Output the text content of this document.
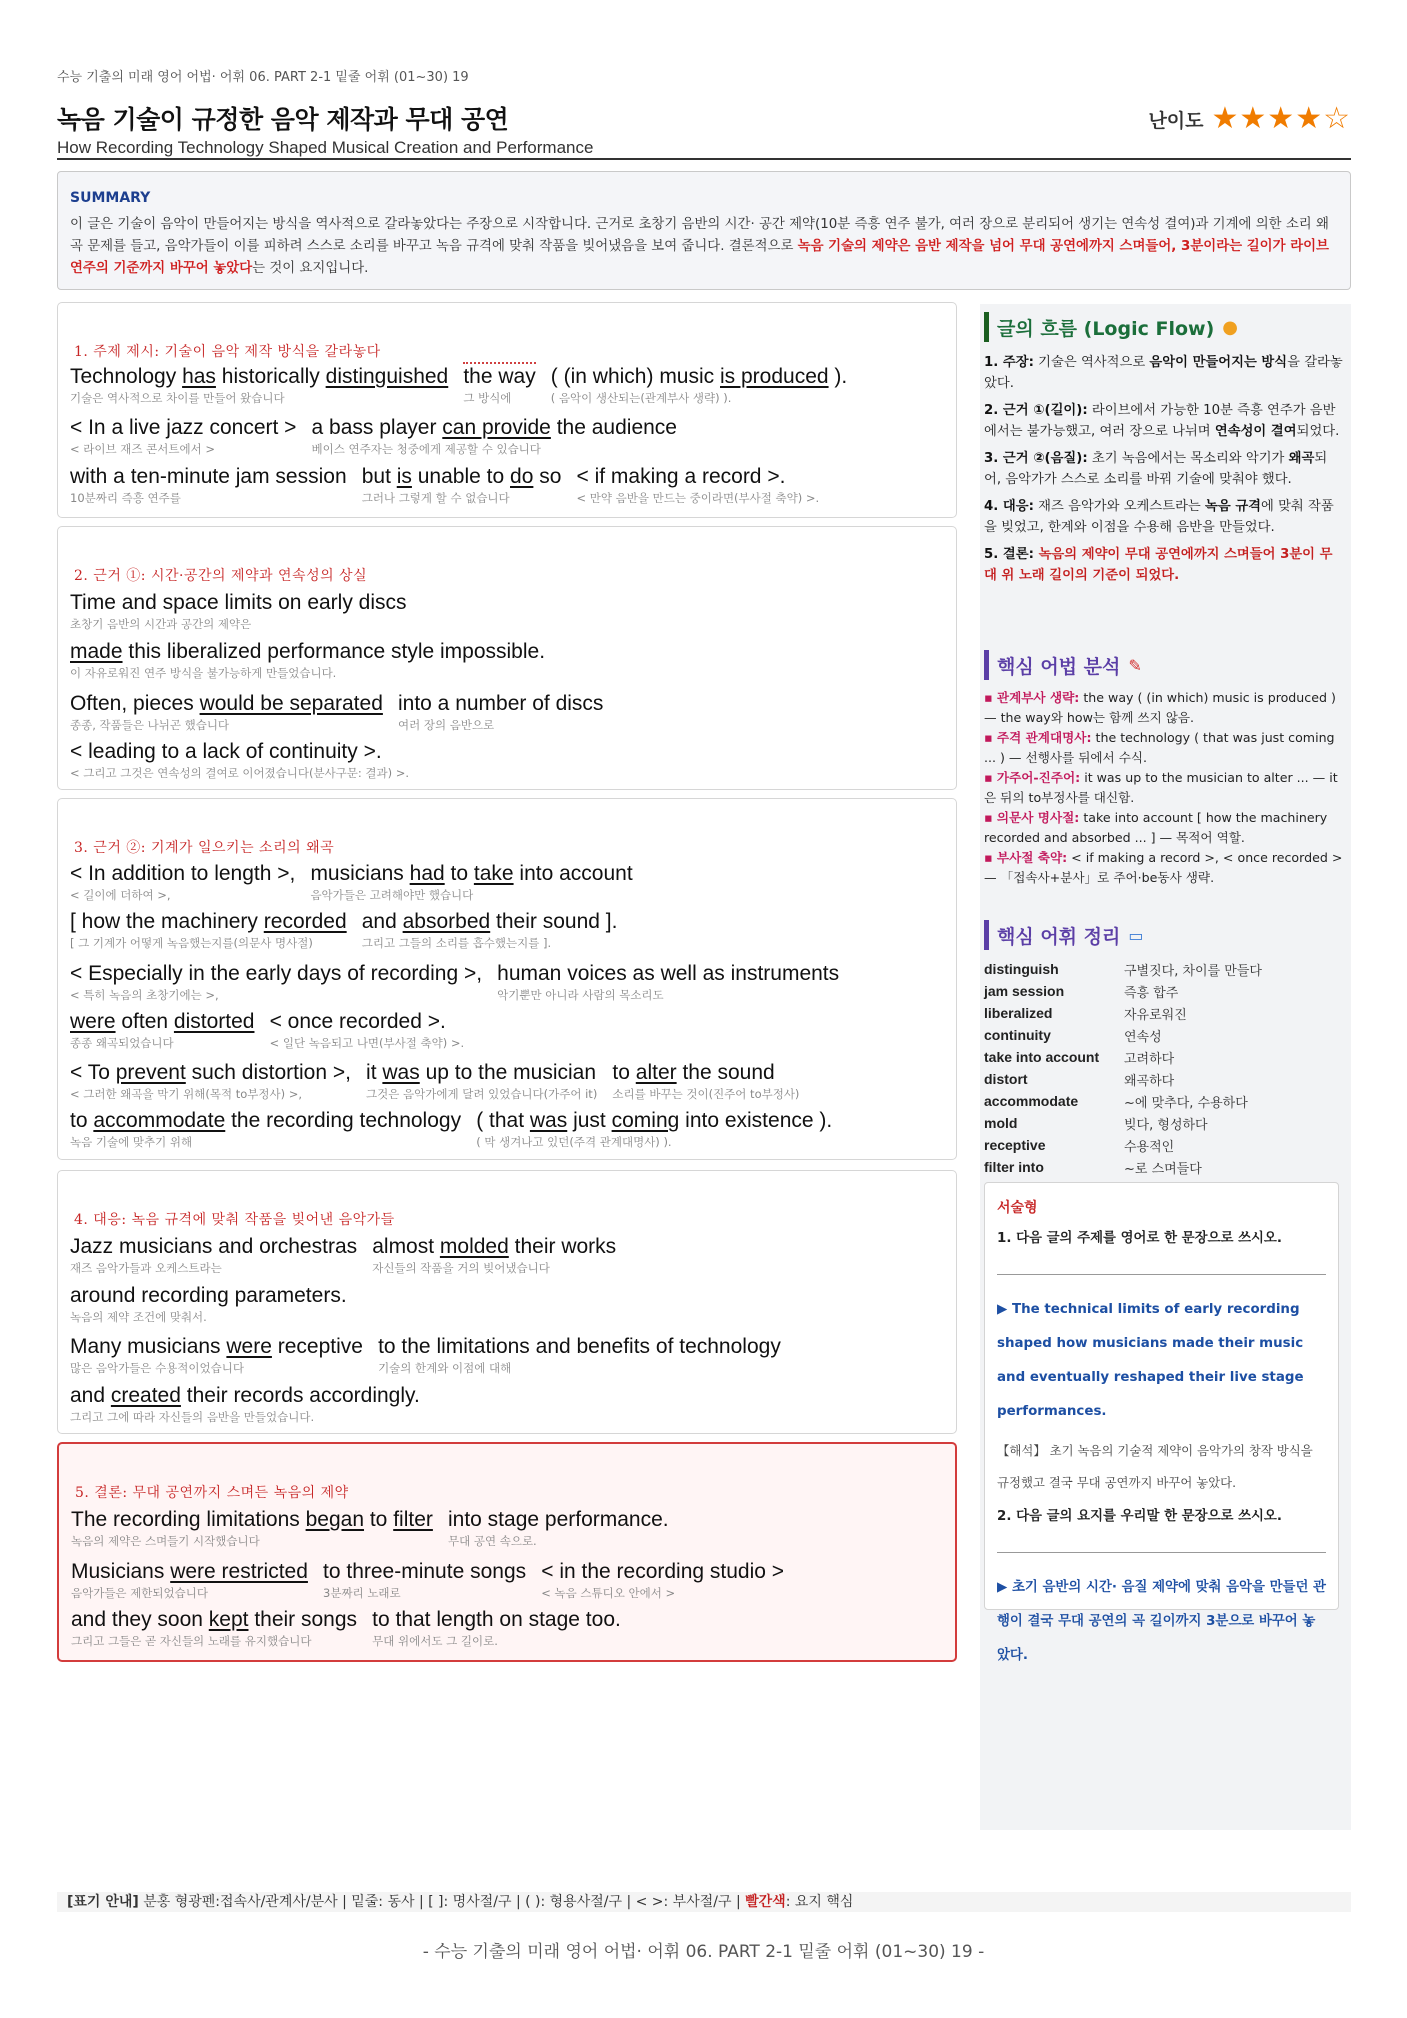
수능 기출의 미래 영어 어법· 어휘 06. PART 2-1 밑줄 어휘 (01~30) 19
녹음 기술이 규정한 음악 제작과 무대 공연
How Recording Technology Shaped Musical Creation and Performance
난이도 ★★★★☆
SUMMARY
이 글은 기술이 음악이 만들어지는 방식을 역사적으로 갈라놓았다는 주장으로 시작합니다. 근거로 초창기 음반의 시간· 공간 제약(10분 즉흥 연주 불가, 여러 장으로 분리되어 생기는 연속성 결여)과 기계에 의한 소리 왜곡 문제를 들고, 음악가들이 이를 피하려 스스로 소리를 바꾸고 녹음 규격에 맞춰 작품을 빚어냈음을 보여 줍니다. 결론적으로 녹음 기술의 제약은 음반 제작을 넘어 무대 공연에까지 스며들어, 3분이라는 길이가 라이브 연주의 기준까지 바꾸어 놓았다는 것이 요지입니다.
1. 주제 제시: 기술이 음악 제작 방식을 갈라놓다
Technology has historically distinguished
기술은 역사적으로 차이를 만들어 왔습니다
the way
그 방식에
( (in which) music is produced ).
( 음악이 생산되는(관계부사 생략) ).
< In a live jazz concert >
< 라이브 재즈 콘서트에서 >
a bass player can provide the audience
베이스 연주자는 청중에게 제공할 수 있습니다
with a ten-minute jam session
10분짜리 즉흥 연주를
but is unable to do so
그러나 그렇게 할 수 없습니다
< if making a record >.
< 만약 음반을 만드는 중이라면(부사절 축약) >.
2. 근거 ①: 시간·공간의 제약과 연속성의 상실
Time and space limits on early discs
초창기 음반의 시간과 공간의 제약은
made this liberalized performance style impossible.
이 자유로워진 연주 방식을 불가능하게 만들었습니다.
Often, pieces would be separated
종종, 작품들은 나뉘곤 했습니다
into a number of discs
여러 장의 음반으로
< leading to a lack of continuity >.
< 그리고 그것은 연속성의 결여로 이어졌습니다(분사구문: 결과) >.
3. 근거 ②: 기계가 일으키는 소리의 왜곡
< In addition to length >,
< 길이에 더하여 >,
musicians had to take into account
음악가들은 고려해야만 했습니다
[ how the machinery recorded
[ 그 기계가 어떻게 녹음했는지를(의문사 명사절)
and absorbed their sound ].
그리고 그들의 소리를 흡수했는지를 ].
< Especially in the early days of recording >,
< 특히 녹음의 초창기에는 >,
human voices as well as instruments
악기뿐만 아니라 사람의 목소리도
were often distorted
종종 왜곡되었습니다
< once recorded >.
< 일단 녹음되고 나면(부사절 축약) >.
< To prevent such distortion >,
< 그러한 왜곡을 막기 위해(목적 to부정사) >,
it was up to the musician
그것은 음악가에게 달려 있었습니다(가주어 it)
to alter the sound
소리를 바꾸는 것이(진주어 to부정사)
to accommodate the recording technology
녹음 기술에 맞추기 위해
( that was just coming into existence ).
( 막 생겨나고 있던(주격 관계대명사) ).
4. 대응: 녹음 규격에 맞춰 작품을 빚어낸 음악가들
Jazz musicians and orchestras
재즈 음악가들과 오케스트라는
almost molded their works
자신들의 작품을 거의 빚어냈습니다
around recording parameters.
녹음의 제약 조건에 맞춰서.
Many musicians were receptive
많은 음악가들은 수용적이었습니다
to the limitations and benefits of technology
기술의 한계와 이점에 대해
and created their records accordingly.
그리고 그에 따라 자신들의 음반을 만들었습니다.
5. 결론: 무대 공연까지 스며든 녹음의 제약
The recording limitations began to filter
녹음의 제약은 스며들기 시작했습니다
into stage performance.
무대 공연 속으로.
Musicians were restricted
음악가들은 제한되었습니다
to three-minute songs
3분짜리 노래로
< in the recording studio >
< 녹음 스튜디오 안에서 >
and they soon kept their songs
그리고 그들은 곧 자신들의 노래를 유지했습니다
to that length on stage too.
무대 위에서도 그 길이로.
글의 흐름 (Logic Flow) ●
1. 주장: 기술은 역사적으로 음악이 만들어지는 방식을 갈라놓았다.
2. 근거 ①(길이): 라이브에서 가능한 10분 즉흥 연주가 음반에서는 불가능했고, 여러 장으로 나뉘며 연속성이 결여되었다.
3. 근거 ②(음질): 초기 녹음에서는 목소리와 악기가 왜곡되어, 음악가가 스스로 소리를 바꿔 기술에 맞춰야 했다.
4. 대응: 재즈 음악가와 오케스트라는 녹음 규격에 맞춰 작품을 빚었고, 한계와 이점을 수용해 음반을 만들었다.
5. 결론: 녹음의 제약이 무대 공연에까지 스며들어 3분이 무대 위 노래 길이의 기준이 되었다.
핵심 어법 분석 ✎
▪ 관계부사 생략: the way ( (in which) music is produced ) — the way와 how는 함께 쓰지 않음.
▪ 주격 관계대명사: the technology ( that was just coming ... ) — 선행사를 뒤에서 수식.
▪ 가주어-진주어: it was up to the musician to alter ... — it은 뒤의 to부정사를 대신함.
▪ 의문사 명사절: take into account [ how the machinery recorded and absorbed ... ] — 목적어 역할.
▪ 부사절 축약: < if making a record >, < once recorded > — 「접속사+분사」로 주어·be동사 생략.
핵심 어휘 정리 ▭
distinguish	구별짓다, 차이를 만들다
jam session	즉흥 합주
liberalized	자유로워진
continuity	연속성
take into account	고려하다
distort	왜곡하다
accommodate	~에 맞추다, 수용하다
mold	빚다, 형성하다
receptive	수용적인
filter into	~로 스며들다
서술형
1. 다음 글의 주제를 영어로 한 문장으로 쓰시오.
▶ The technical limits of early recording shaped how musicians made their music and eventually reshaped their live stage performances.
【해석】 초기 녹음의 기술적 제약이 음악가의 창작 방식을 규정했고 결국 무대 공연까지 바꾸어 놓았다.
2. 다음 글의 요지를 우리말 한 문장으로 쓰시오.
▶ 초기 음반의 시간· 음질 제약에 맞춰 음악을 만들던 관행이 결국 무대 공연의 곡 길이까지 3분으로 바꾸어 놓았다.
[표기 안내] 분홍 형광펜:접속사/관계사/분사 | 밑줄: 동사 | [ ]: 명사절/구 | ( ): 형용사절/구 | < >: 부사절/구 | 빨간색: 요지 핵심
- 수능 기출의 미래 영어 어법· 어휘 06. PART 2-1 밑줄 어휘 (01~30) 19 -
